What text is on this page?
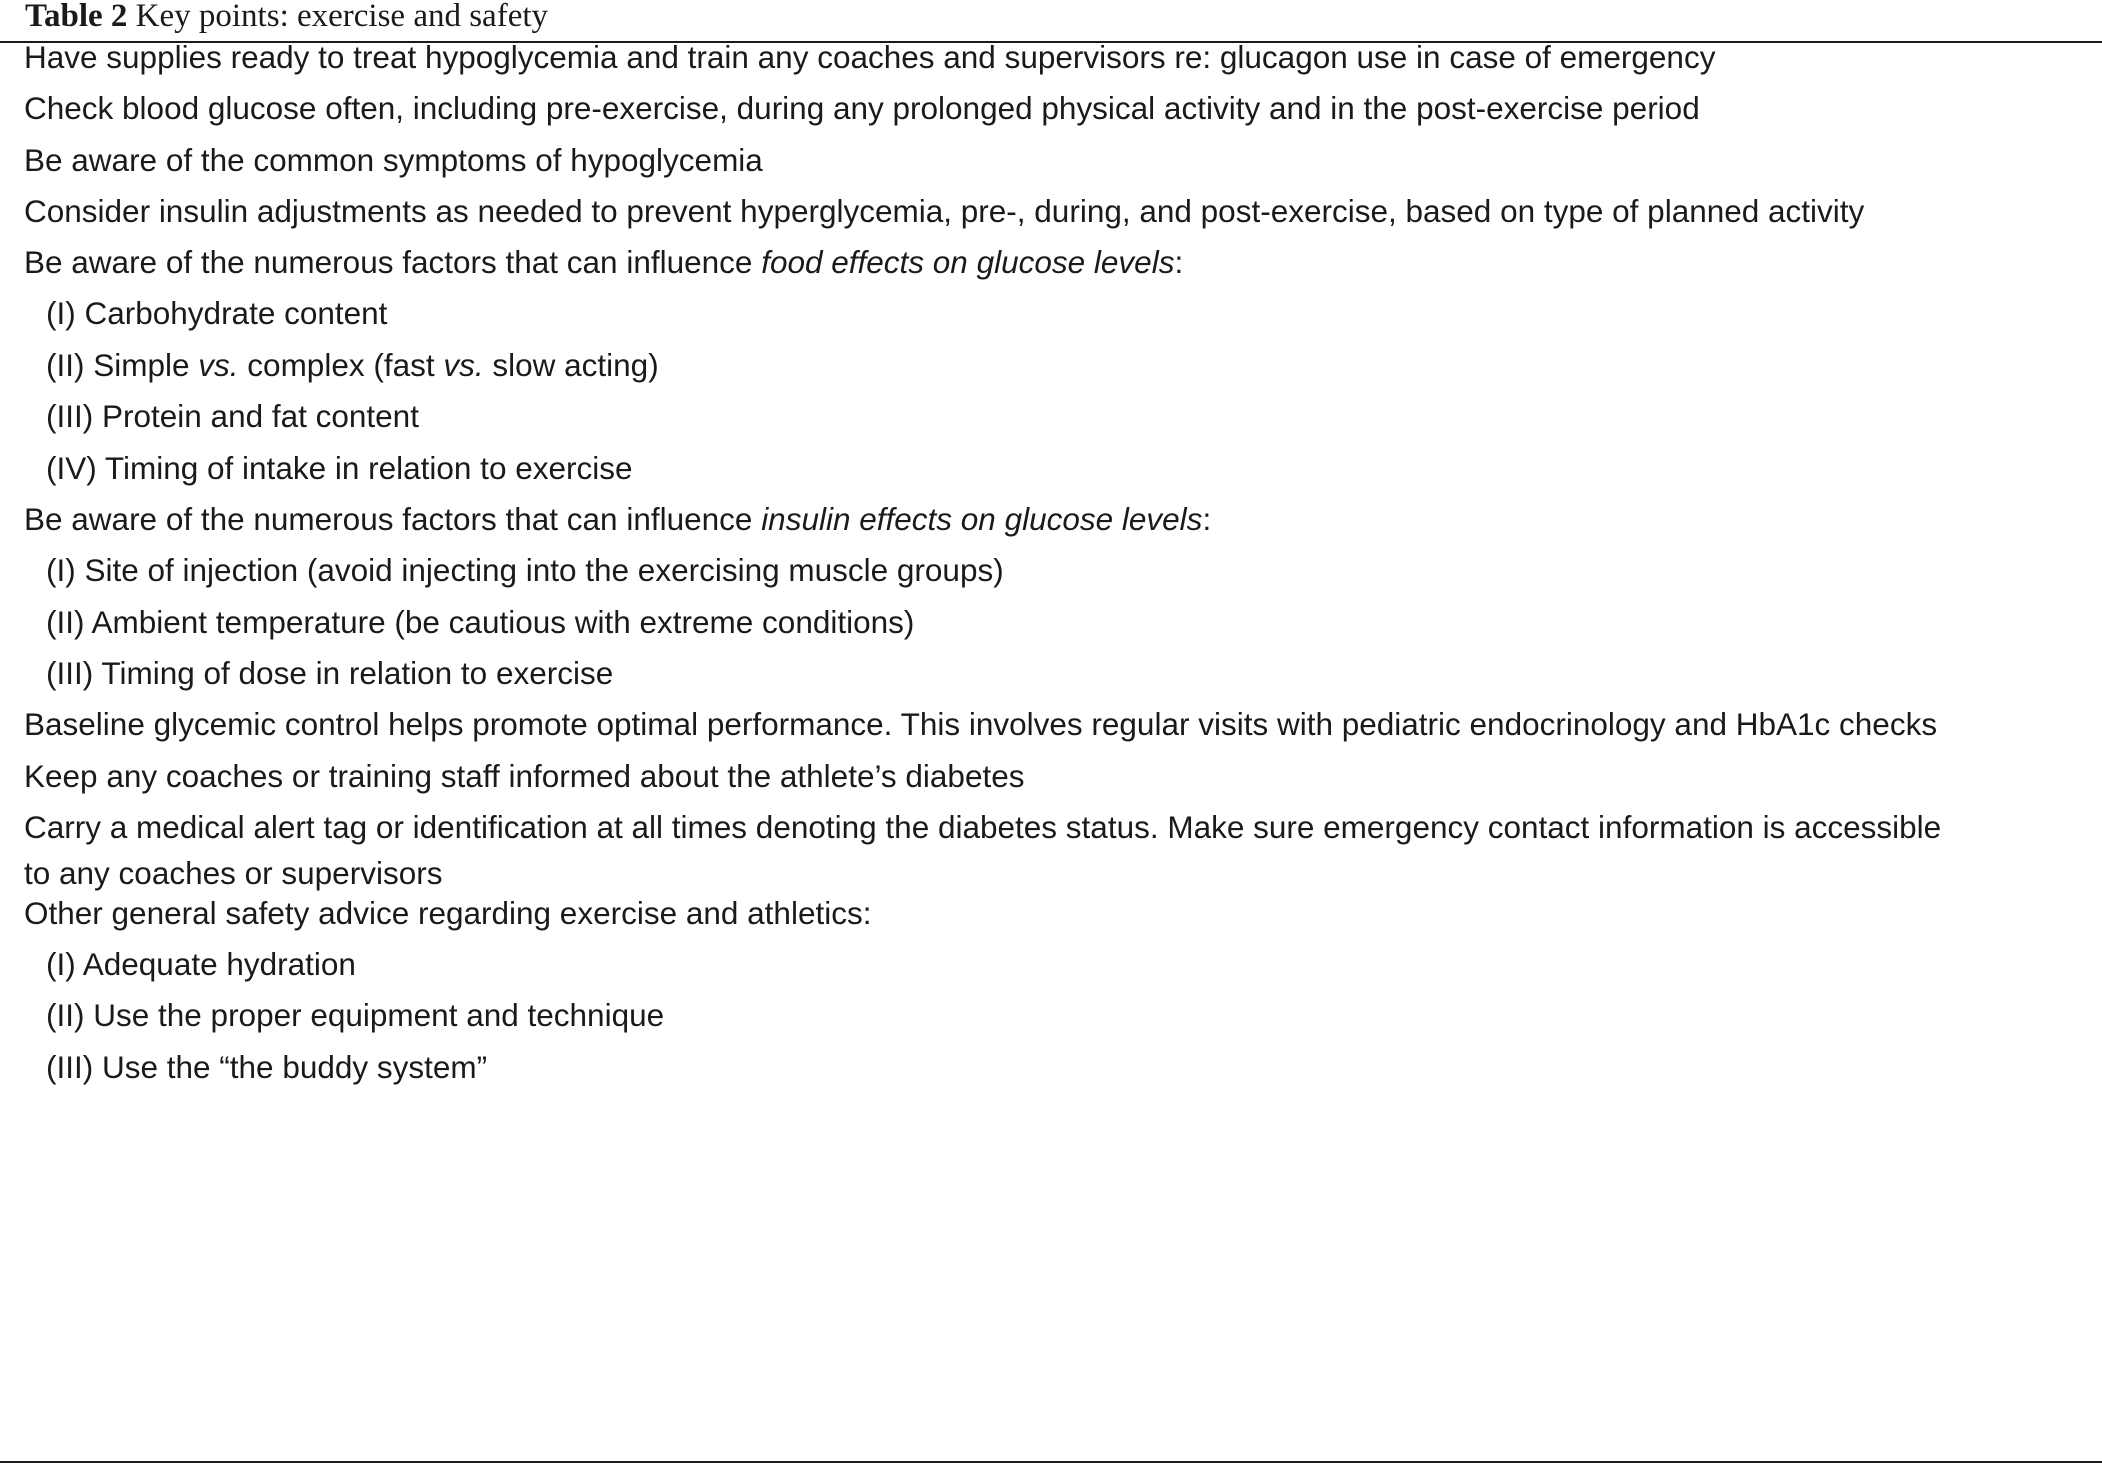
Table 2 Key points: exercise and safety
Have supplies ready to treat hypoglycemia and train any coaches and supervisors re: glucagon use in case of emergency
Check blood glucose often, including pre-exercise, during any prolonged physical activity and in the post-exercise period
Be aware of the common symptoms of hypoglycemia
Consider insulin adjustments as needed to prevent hyperglycemia, pre-, during, and post-exercise, based on type of planned activity
Be aware of the numerous factors that can influence food effects on glucose levels:
(I) Carbohydrate content
(II) Simple vs. complex (fast vs. slow acting)
(III) Protein and fat content
(IV) Timing of intake in relation to exercise
Be aware of the numerous factors that can influence insulin effects on glucose levels:
(I) Site of injection (avoid injecting into the exercising muscle groups)
(II) Ambient temperature (be cautious with extreme conditions)
(III) Timing of dose in relation to exercise
Baseline glycemic control helps promote optimal performance. This involves regular visits with pediatric endocrinology and HbA1c checks
Keep any coaches or training staff informed about the athlete’s diabetes
Carry a medical alert tag or identification at all times denoting the diabetes status. Make sure emergency contact information is accessible
to any coaches or supervisors
Other general safety advice regarding exercise and athletics:
(I) Adequate hydration
(II) Use the proper equipment and technique
(III) Use the “the buddy system”
